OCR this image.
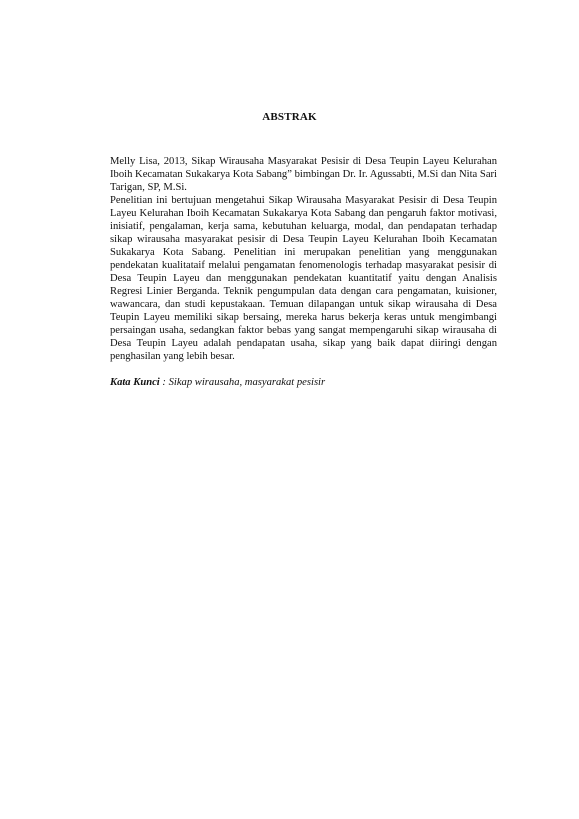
ABSTRAK

Melly Lisa, 2013, Sikap Wirausaha Masyarakat Pesisir di Desa Teupin Layeu Kelurahan Iboih Kecamatan Sukakarya Kota Sabang” bimbingan Dr. Ir. Agussabti, M.Si dan Nita Sari Tarigan, SP, M.Si.

Penelitian ini bertujuan mengetahui Sikap Wirausaha Masyarakat Pesisir di Desa Teupin Layeu Kelurahan Iboih Kecamatan Sukakarya Kota Sabang dan pengaruh faktor motivasi, inisiatif, pengalaman, kerja sama, kebutuhan keluarga, modal, dan pendapatan terhadap sikap wirausaha masyarakat pesisir di Desa Teupin Layeu Kelurahan Iboih Kecamatan Sukakarya Kota Sabang. Penelitian ini merupakan penelitian yang menggunakan pendekatan kualitataif melalui pengamatan fenomenologis terhadap masyarakat pesisir di Desa Teupin Layeu dan menggunakan pendekatan kuantitatif yaitu dengan Analisis Regresi Linier Berganda. Teknik pengumpulan data dengan cara pengamatan, kuisioner, wawancara, dan studi kepustakaan. Temuan dilapangan untuk sikap wirausaha di Desa Teupin Layeu memiliki sikap bersaing, mereka harus bekerja keras untuk mengimbangi persaingan usaha, sedangkan faktor bebas yang sangat mempengaruhi sikap wirausaha di Desa Teupin Layeu adalah pendapatan usaha, sikap yang baik dapat diiringi dengan penghasilan yang lebih besar.

Kata Kunci : Sikap wirausaha, masyarakat pesisir
